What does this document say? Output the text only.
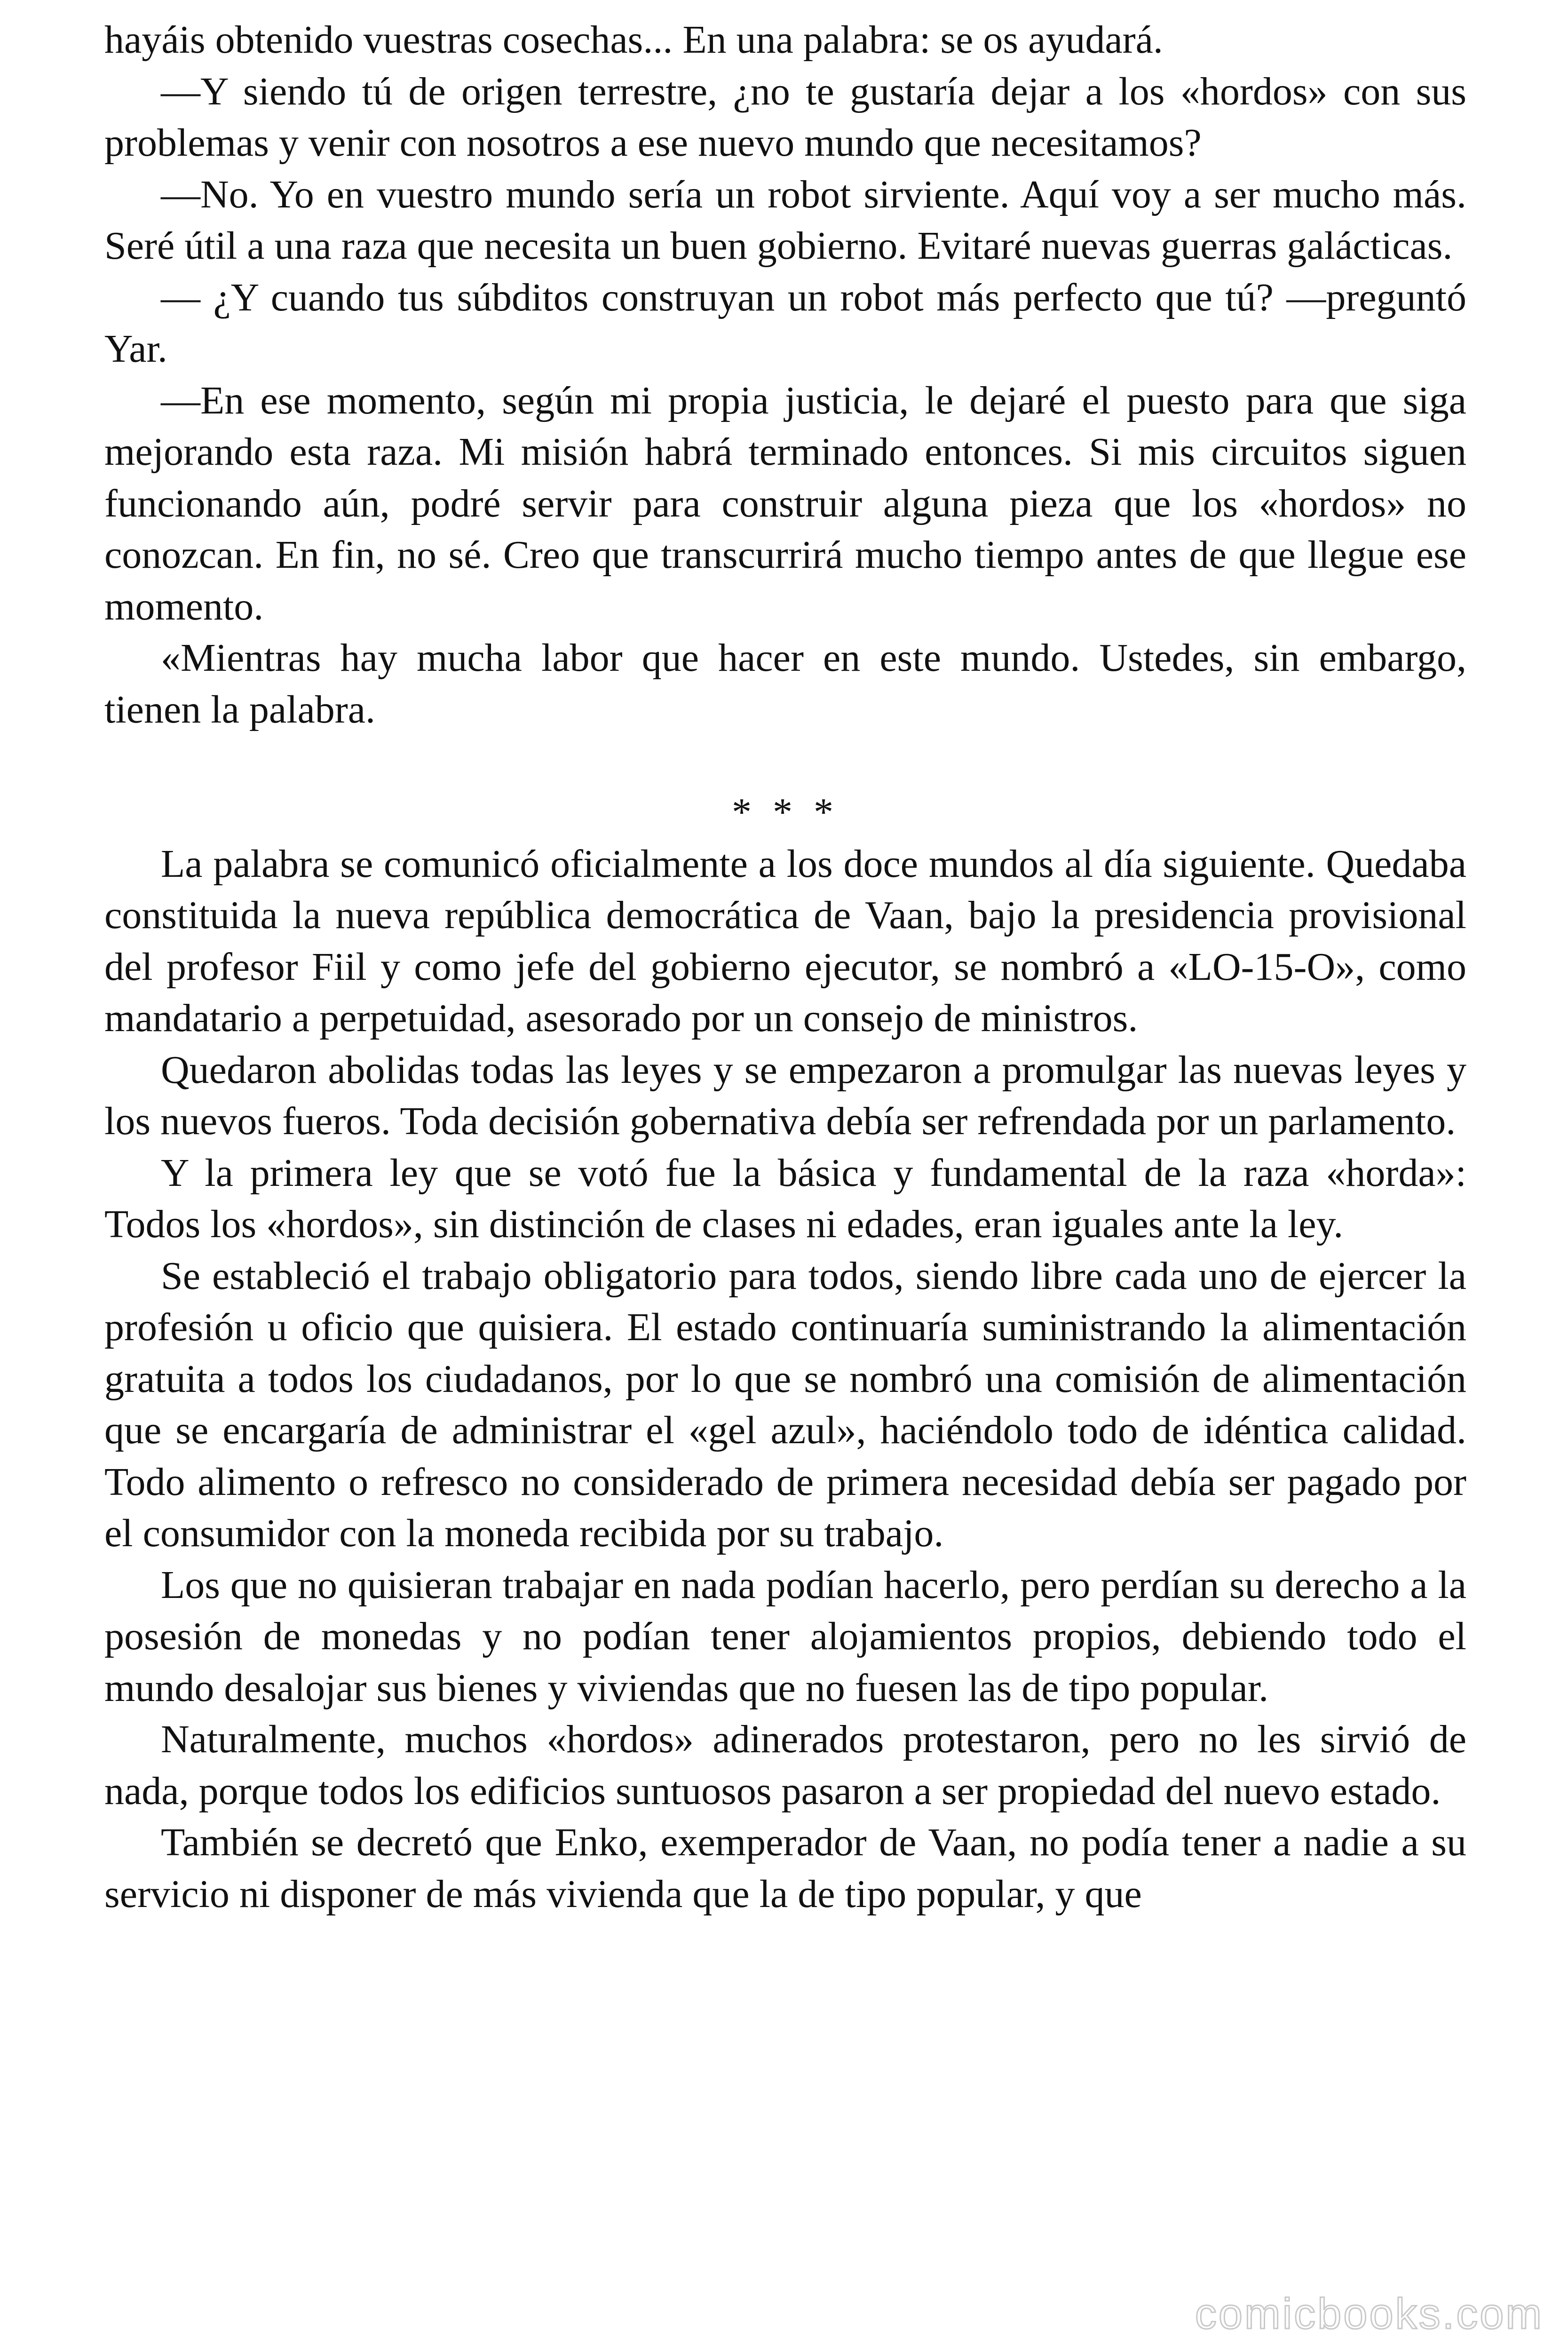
hayáis obtenido vuestras cosechas... En una palabra: se os ayudará.

—Y siendo tú de origen terrestre, ¿no te gustaría dejar a los «hordos» con sus problemas y venir con nosotros a ese nuevo mundo que necesitamos?

—No. Yo en vuestro mundo sería un robot sirviente. Aquí voy a ser mucho más. Seré útil a una raza que necesita un buen gobierno. Evitaré nuevas guerras galácticas.

— ¿Y cuando tus súbditos construyan un robot más perfecto que tú? —preguntó Yar.

—En ese momento, según mi propia justicia, le dejaré el puesto para que siga mejorando esta raza. Mi misión habrá terminado entonces. Si mis circuitos siguen funcionando aún, podré servir para construir alguna pieza que los «hordos» no conozcan. En fin, no sé. Creo que transcurrirá mucho tiempo antes de que llegue ese momento.

«Mientras hay mucha labor que hacer en este mundo. Ustedes, sin embargo, tienen la palabra.

* * *

La palabra se comunicó oficialmente a los doce mundos al día siguiente. Quedaba constituida la nueva república democrática de Vaan, bajo la presidencia provisional del profesor Fiil y como jefe del gobierno ejecutor, se nombró a «LO-15-O», como mandatario a perpetuidad, asesorado por un consejo de ministros.

Quedaron abolidas todas las leyes y se empezaron a promulgar las nuevas leyes y los nuevos fueros. Toda decisión gobernativa debía ser refrendada por un parlamento.

Y la primera ley que se votó fue la básica y fundamental de la raza «horda»: Todos los «hordos», sin distinción de clases ni edades, eran iguales ante la ley.

Se estableció el trabajo obligatorio para todos, siendo libre cada uno de ejercer la profesión u oficio que quisiera. El estado continuaría suministrando la alimentación gratuita a todos los ciudadanos, por lo que se nombró una comisión de alimentación que se encargaría de administrar el «gel azul», haciéndolo todo de idéntica calidad. Todo alimento o refresco no considerado de primera necesidad debía ser pagado por el consumidor con la moneda recibida por su trabajo.

Los que no quisieran trabajar en nada podían hacerlo, pero perdían su derecho a la posesión de monedas y no podían tener alojamientos propios, debiendo todo el mundo desalojar sus bienes y viviendas que no fuesen las de tipo popular.

Naturalmente, muchos «hordos» adinerados protestaron, pero no les sirvió de nada, porque todos los edificios suntuosos pasaron a ser propiedad del nuevo estado.

También se decretó que Enko, exemperador de Vaan, no podía tener a nadie a su servicio ni disponer de más vivienda que la de tipo popular, y que

comicbooks.com
